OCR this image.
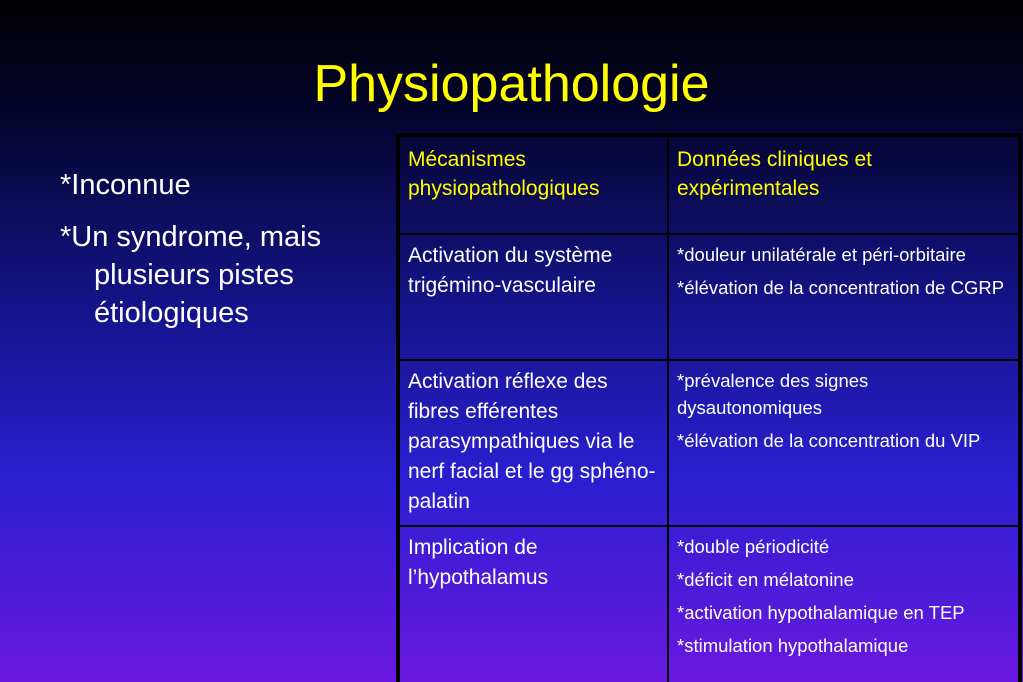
Physiopathologie
*Inconnue
*Un syndrome, mais plusieurs pistes étiologiques
Mécanismes physiopathologiques	Données cliniques et expérimentales
Activation du système trigémino-vasculaire	*douleur unilatérale et péri-orbitaire

*élévation de la concentration de CGRP

Activation réflexe des fibres efférentes parasympathiques via le nerf facial et le gg sphéno-palatin	*prévalence des signes dysautonomiques

*élévation de la concentration du VIP

Implication de l’hypothalamus	*double périodicité

*déficit en mélatonine

*activation hypothalamique en TEP

*stimulation hypothalamique
